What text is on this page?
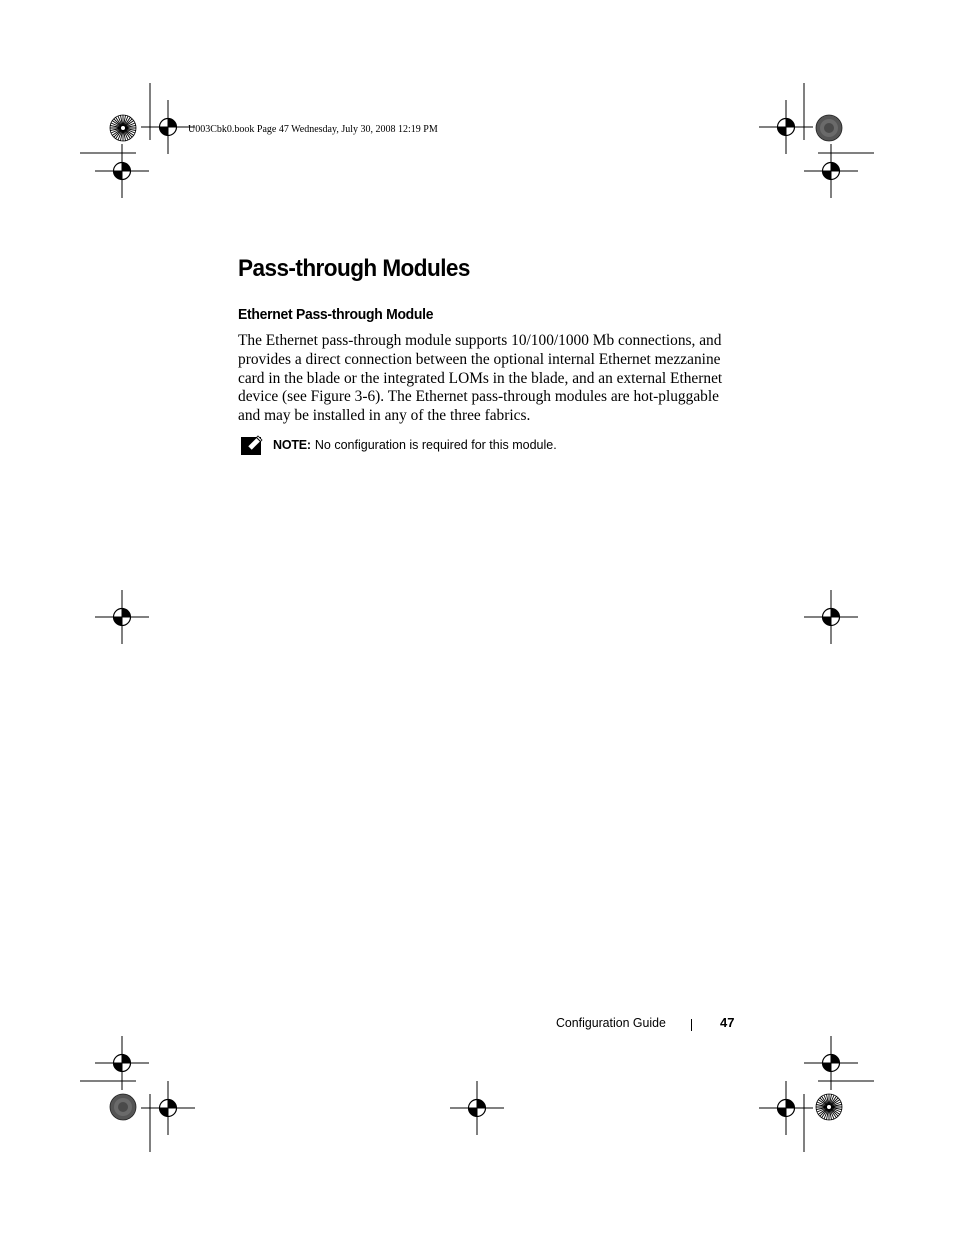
U003Cbk0.book Page 47 Wednesday, July 30, 2008 12:19 PM
Pass-through Modules
Ethernet Pass-through Module

The Ethernet pass-through module supports 10/100/1000 Mb connections, and provides a direct connection between the optional internal Ethernet mezzanine card in the blade or the integrated LOMs in the blade, and an external Ethernet device (see Figure 3-6). The Ethernet pass-through modules are hot-pluggable and may be installed in any of the three fabrics.

NOTE: No configuration is required for this module.
Configuration Guide	47
